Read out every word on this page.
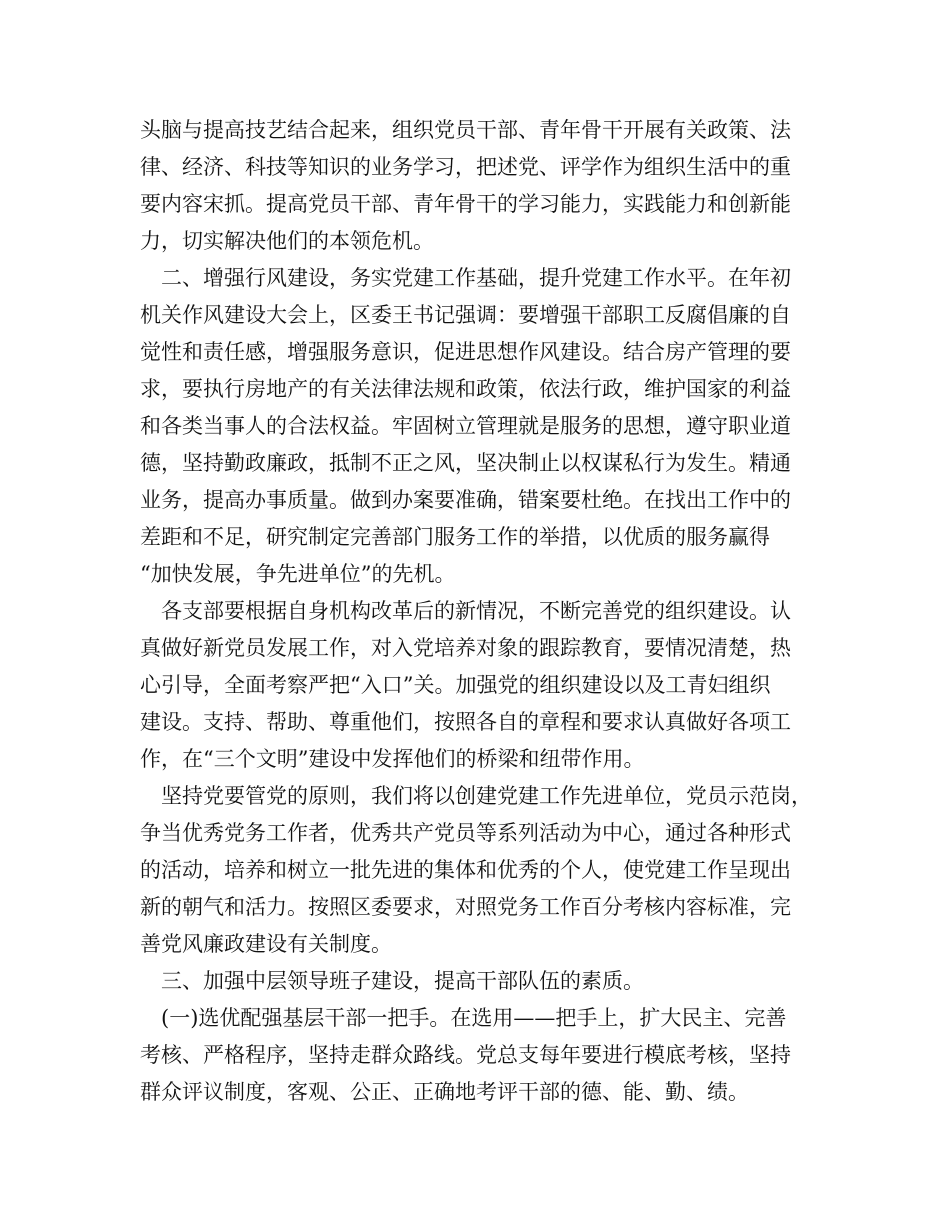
头脑与提高技艺结合起来，组织党员干部、青年骨干开展有关政策、法
律、经济、科技等知识的业务学习，把述党、评学作为组织生活中的重
要内容宋抓。提高党员干部、青年骨干的学习能力，实践能力和创新能
力，切实解决他们的本领危机。
二、增强行风建设，务实党建工作基础，提升党建工作水平。在年初
机关作风建设大会上，区委王书记强调：要增强干部职工反腐倡廉的自
觉性和责任感，增强服务意识，促进思想作风建设。结合房产管理的要
求，要执行房地产的有关法律法规和政策，依法行政，维护国家的利益
和各类当事人的合法权益。牢固树立管理就是服务的思想，遵守职业道
德，坚持勤政廉政，抵制不正之风，坚决制止以权谋私行为发生。精通
业务，提高办事质量。做到办案要准确，错案要杜绝。在找出工作中的
差距和不足，研究制定完善部门服务工作的举措，以优质的服务赢得
“加快发展，争先进单位”的先机。
各支部要根据自身机构改革后的新情况，不断完善党的组织建设。认
真做好新党员发展工作，对入党培养对象的跟踪教育，要情况清楚，热
心引导，全面考察严把“入口”关。加强党的组织建设以及工青妇组织
建设。支持、帮助、尊重他们，按照各自的章程和要求认真做好各项工
作，在“三个文明”建设中发挥他们的桥梁和纽带作用。
坚持党要管党的原则，我们将以创建党建工作先进单位，党员示范岗，
争当优秀党务工作者，优秀共产党员等系列活动为中心，通过各种形式
的活动，培养和树立一批先进的集体和优秀的个人，使党建工作呈现出
新的朝气和活力。按照区委要求，对照党务工作百分考核内容标准，完
善党风廉政建设有关制度。
三、加强中层领导班子建设，提高干部队伍的素质。
(一)选优配强基层干部一把手。在选用——把手上，扩大民主、完善
考核、严格程序，坚持走群众路线。党总支每年要进行模底考核，坚持
群众评议制度，客观、公正、正确地考评干部的德、能、勤、绩。
